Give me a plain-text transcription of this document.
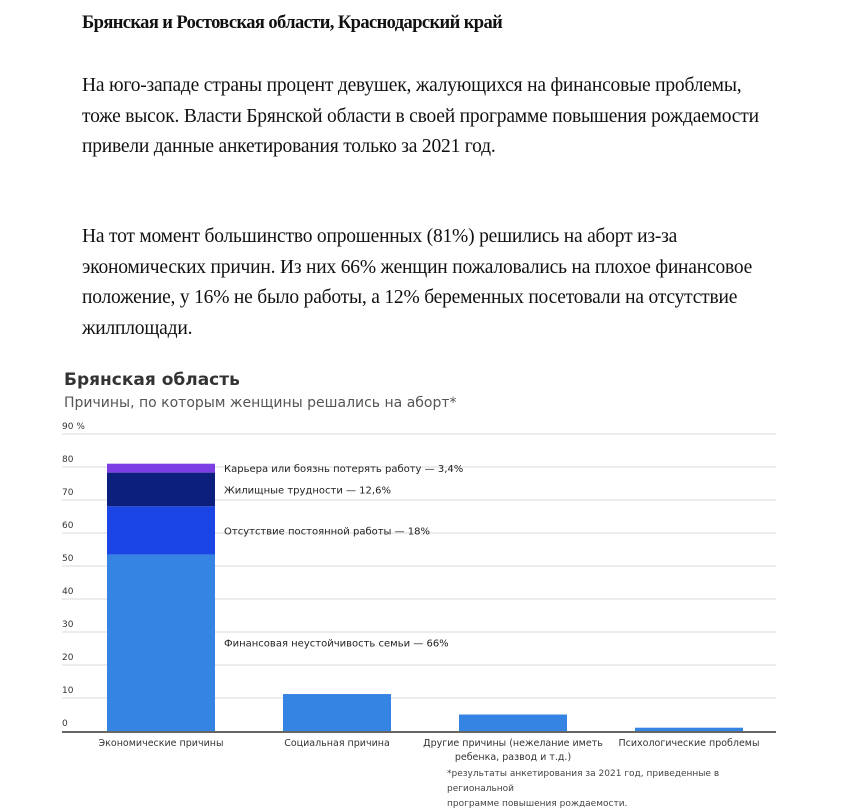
Брянская и Ростовская области, Краснодарский край
На юго-западе страны процент девушек, жалующихся на финансовые проблемы, тоже высок. Власти Брянской области в своей программе повышения рождаемости привели данные анкетирования только за 2021 год.
На тот момент большинство опрошенных (81%) решились на аборт из-за экономических причин. Из них 66% женщин пожаловались на плохое финансовое положение, у 16% не было работы, а 12% беременных посетовали на отсутствие жилплощади.
Брянская область
Причины, по которым женщины решались на аборт*
0
10
20
30
40
50
60
70
80
90 %
Финансовая неустойчивость семьи — 66%
Отсутствие постоянной работы — 18%
Жилищные трудности — 12,6%
Карьера или боязнь потерять работу — 3,4%
Экономические причины	Социальная причина	Другие причины (нежелание иметь
ребенка, развод и т.д.)
Психологические проблемы
*результаты анкетирования за 2021 год, приведенные в региональной
программе повышения рождаемости.
